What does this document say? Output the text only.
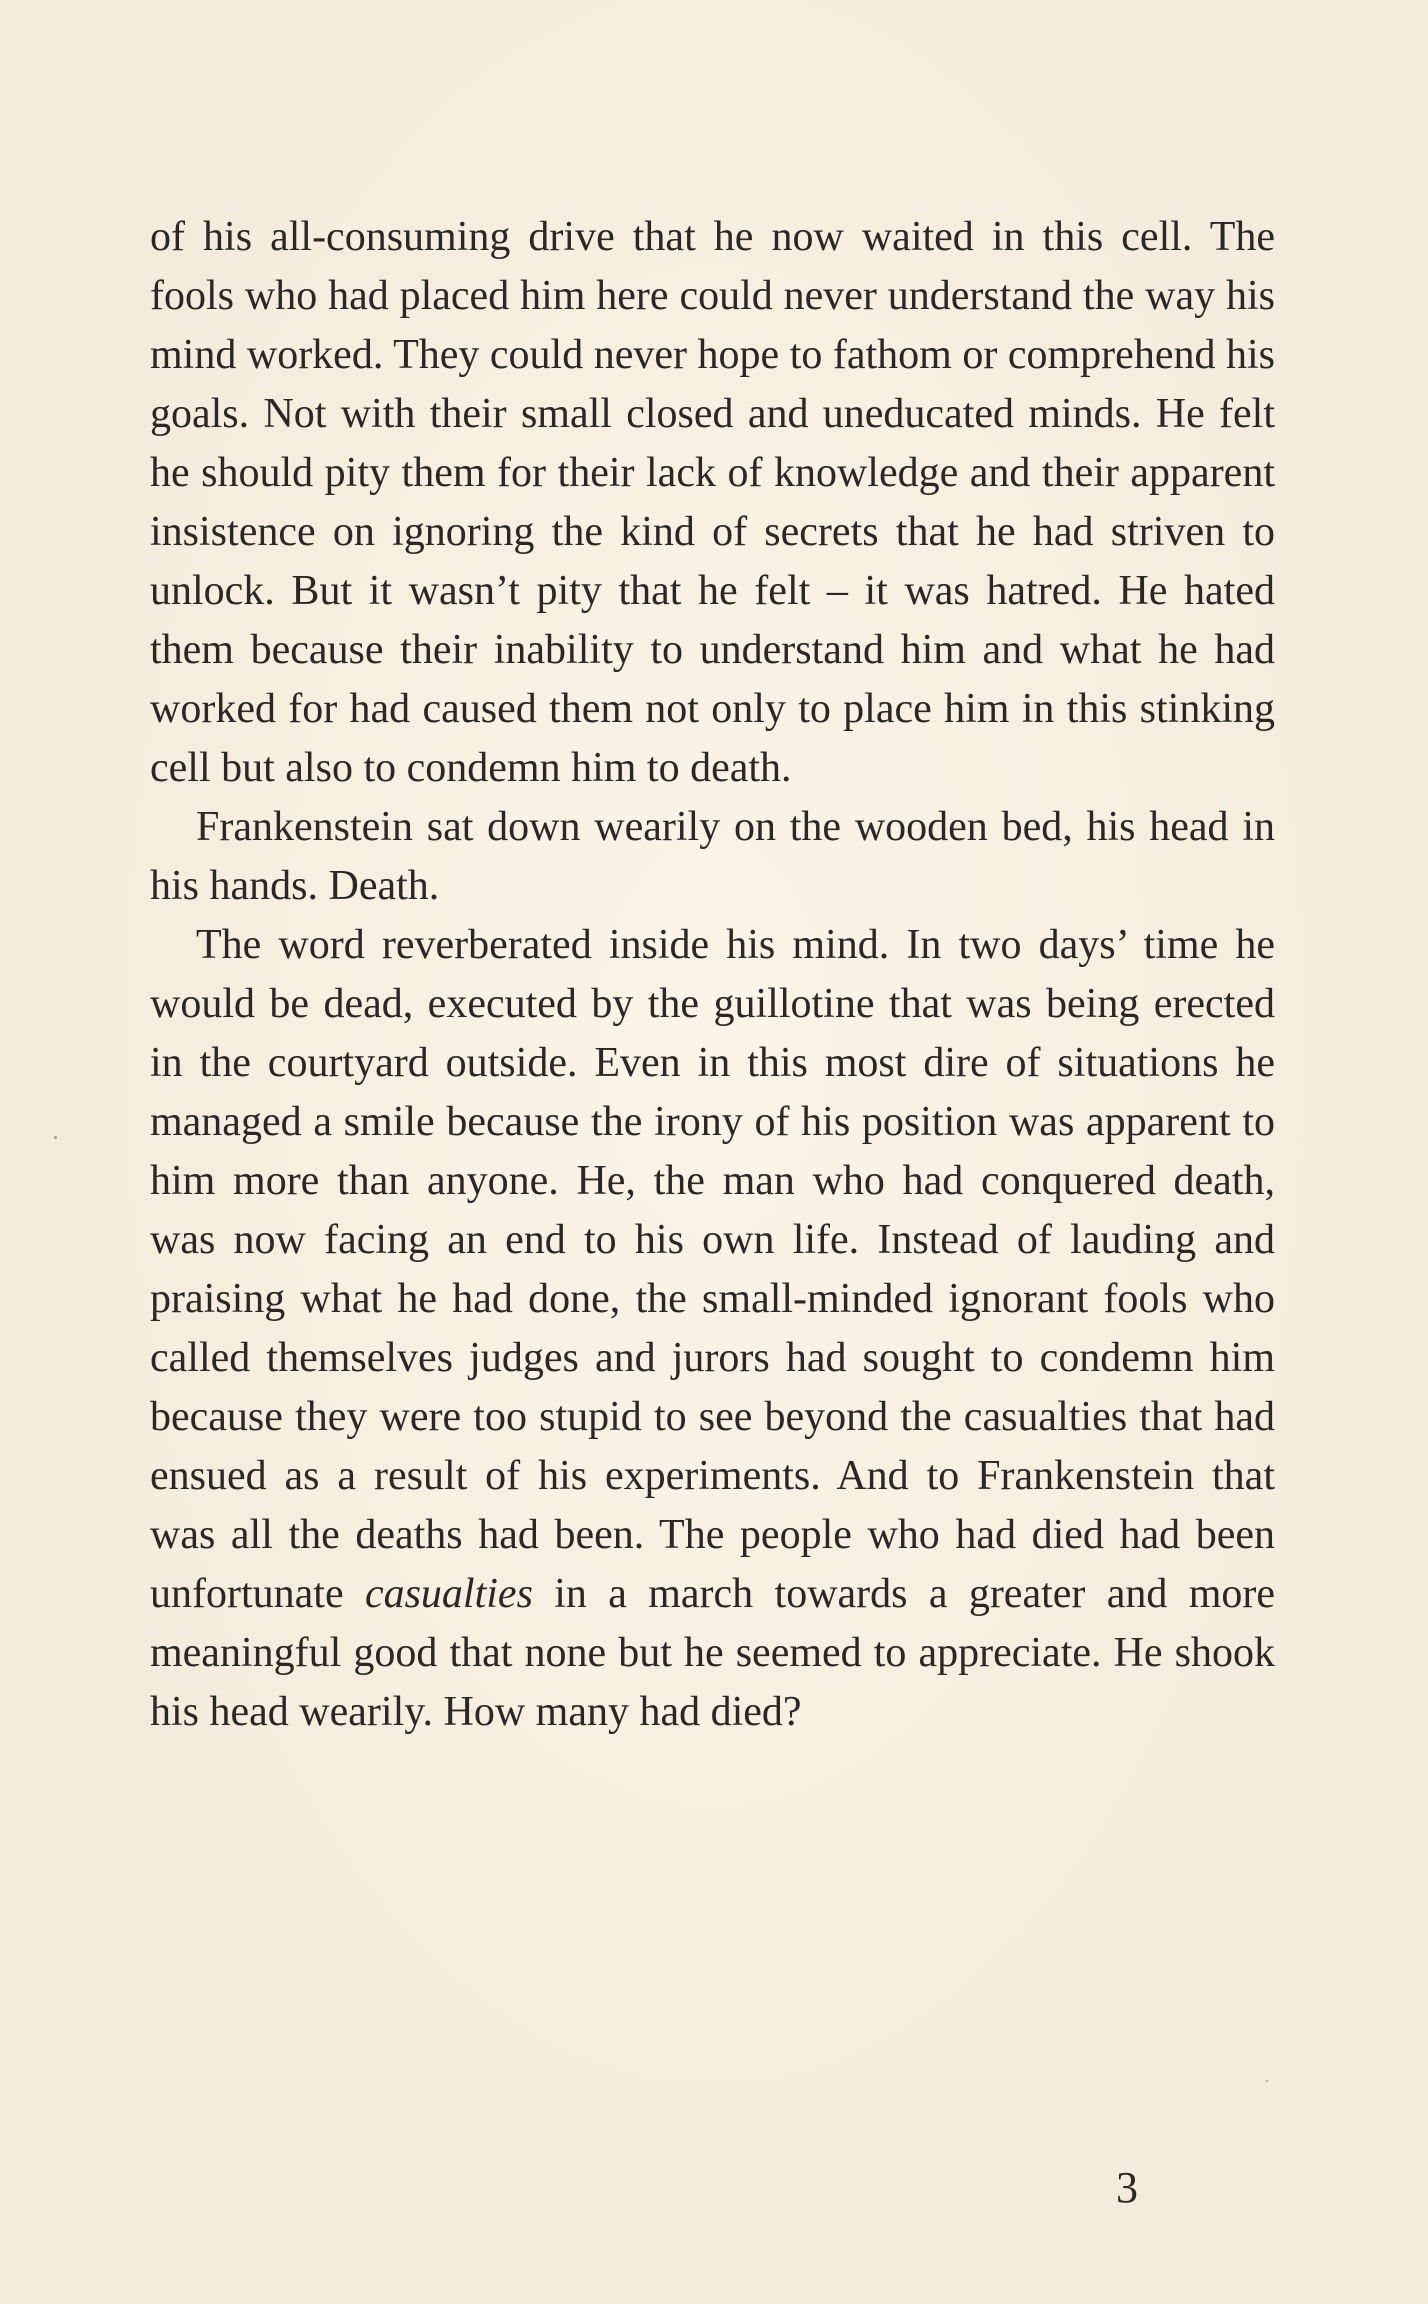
of his all-consuming drive that he now waited in this cell. The fools who had placed him here could never understand the way his mind worked. They could never hope to fathom or comprehend his goals. Not with their small closed and uneducated minds. He felt he should pity them for their lack of knowledge and their apparent insistence on ignoring the kind of secrets that he had striven to unlock. But it wasn’t pity that he felt – it was hatred. He hated them because their inability to understand him and what he had worked for had caused them not only to place him in this stinking cell but also to condemn him to death.

Frankenstein sat down wearily on the wooden bed, his head in his hands. Death.

The word reverberated inside his mind. In two days’ time he would be dead, executed by the guillotine that was being erected in the courtyard outside. Even in this most dire of situations he managed a smile because the irony of his position was apparent to him more than anyone. He, the man who had conquered death, was now facing an end to his own life. Instead of lauding and praising what he had done, the small-minded ignorant fools who called themselves judges and jurors had sought to condemn him because they were too stupid to see beyond the casualties that had ensued as a result of his experiments. And to Frankenstein that was all the deaths had been. The people who had died had been unfortunate casualties in a march towards a greater and more meaningful good that none but he seemed to appreciate. He shook his head wearily. How many had died?

3
